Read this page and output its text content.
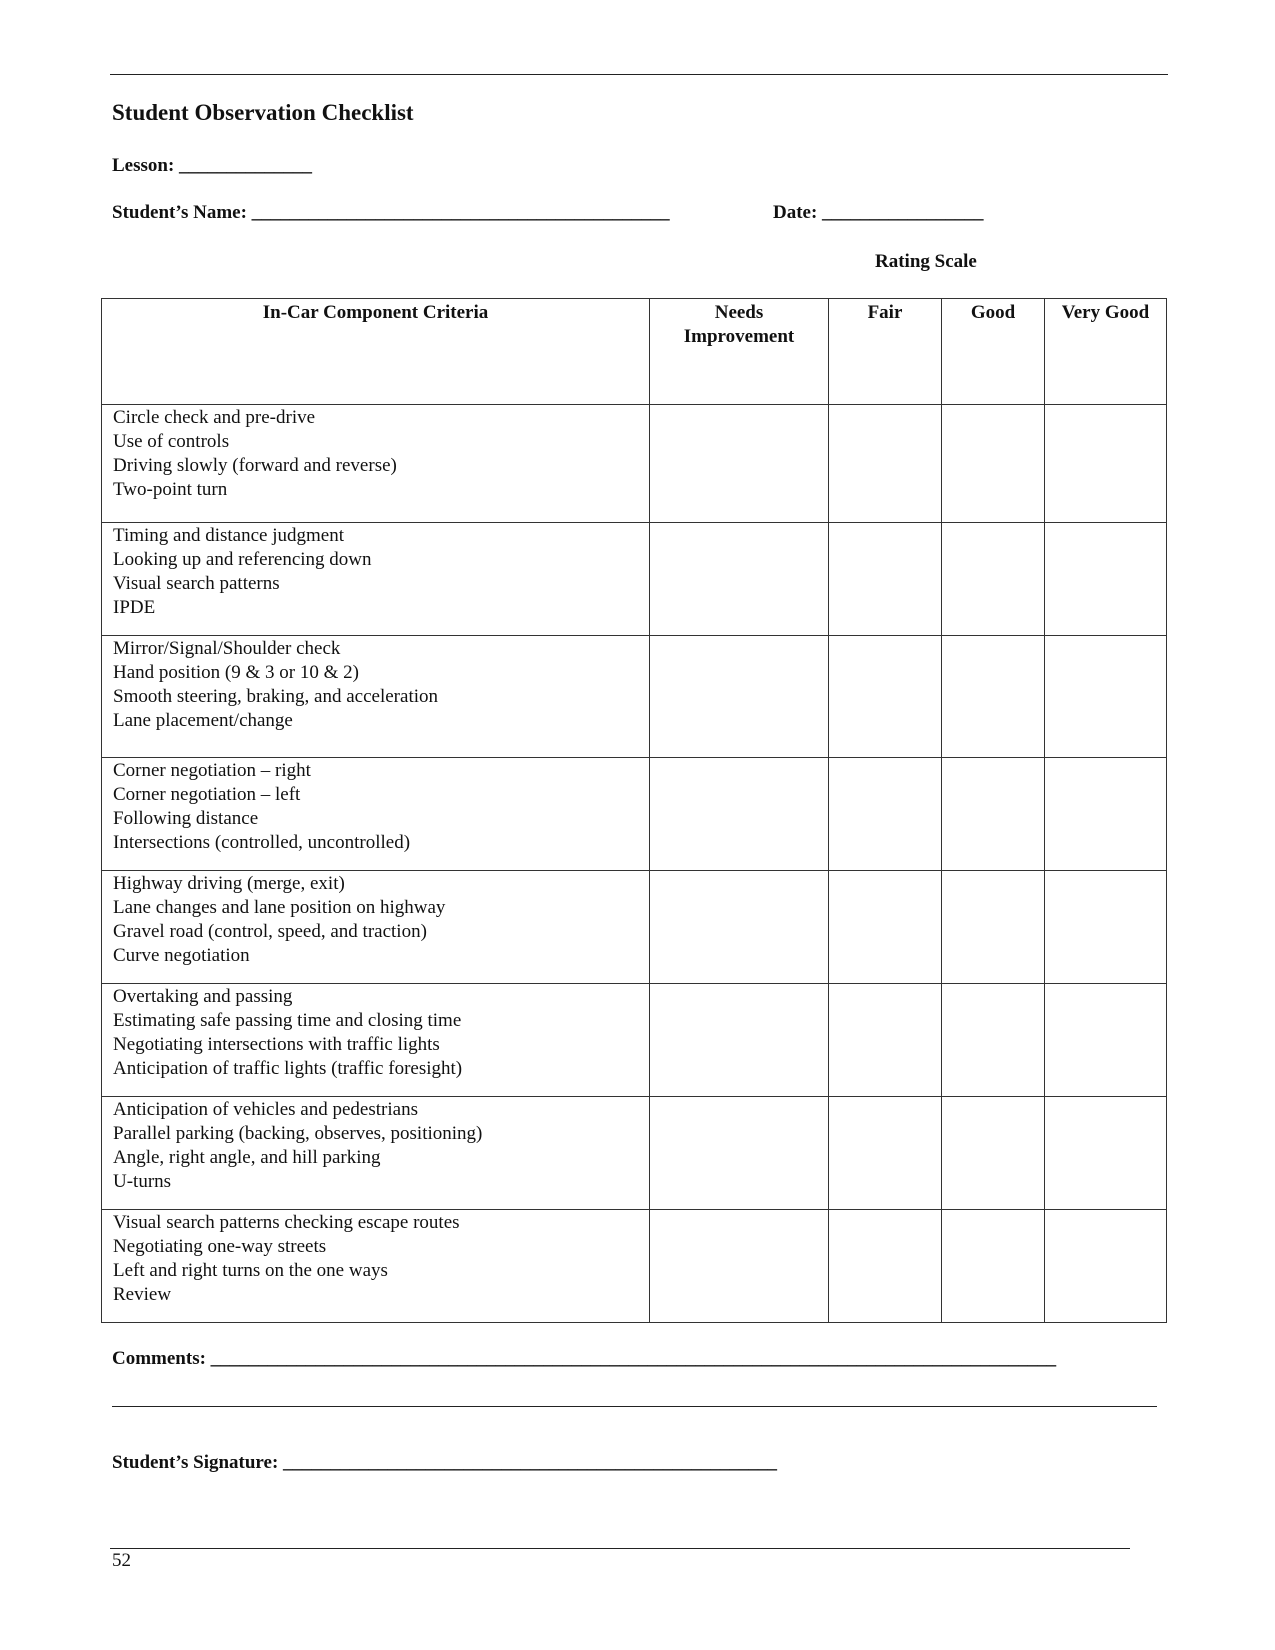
Student Observation Checklist
Lesson: ______________
Student’s Name: ____________________________________________	Date: _________________
Rating Scale
In-Car Component Criteria	Needs Improvement	Fair	Good	Very Good

Circle check and pre-drive
Use of controls
Driving slowly (forward and reverse)
Two-point turn				

Timing and distance judgment
Looking up and referencing down
Visual search patterns
IPDE				

Mirror/Signal/Shoulder check
Hand position (9 & 3 or 10 & 2)
Smooth steering, braking, and acceleration
Lane placement/change				

Corner negotiation – right
Corner negotiation – left
Following distance
Intersections (controlled, uncontrolled)				

Highway driving (merge, exit)
Lane changes and lane position on highway
Gravel road (control, speed, and traction)
Curve negotiation				

Overtaking and passing
Estimating safe passing time and closing time
Negotiating intersections with traffic lights
Anticipation of traffic lights (traffic foresight)				

Anticipation of vehicles and pedestrians
Parallel parking (backing, observes, positioning)
Angle, right angle, and hill parking
U-turns				

Visual search patterns checking escape routes
Negotiating one-way streets
Left and right turns on the one ways
Review				

Comments: _________________________________________________________________________________________
Student’s Signature: ____________________________________________________
52
